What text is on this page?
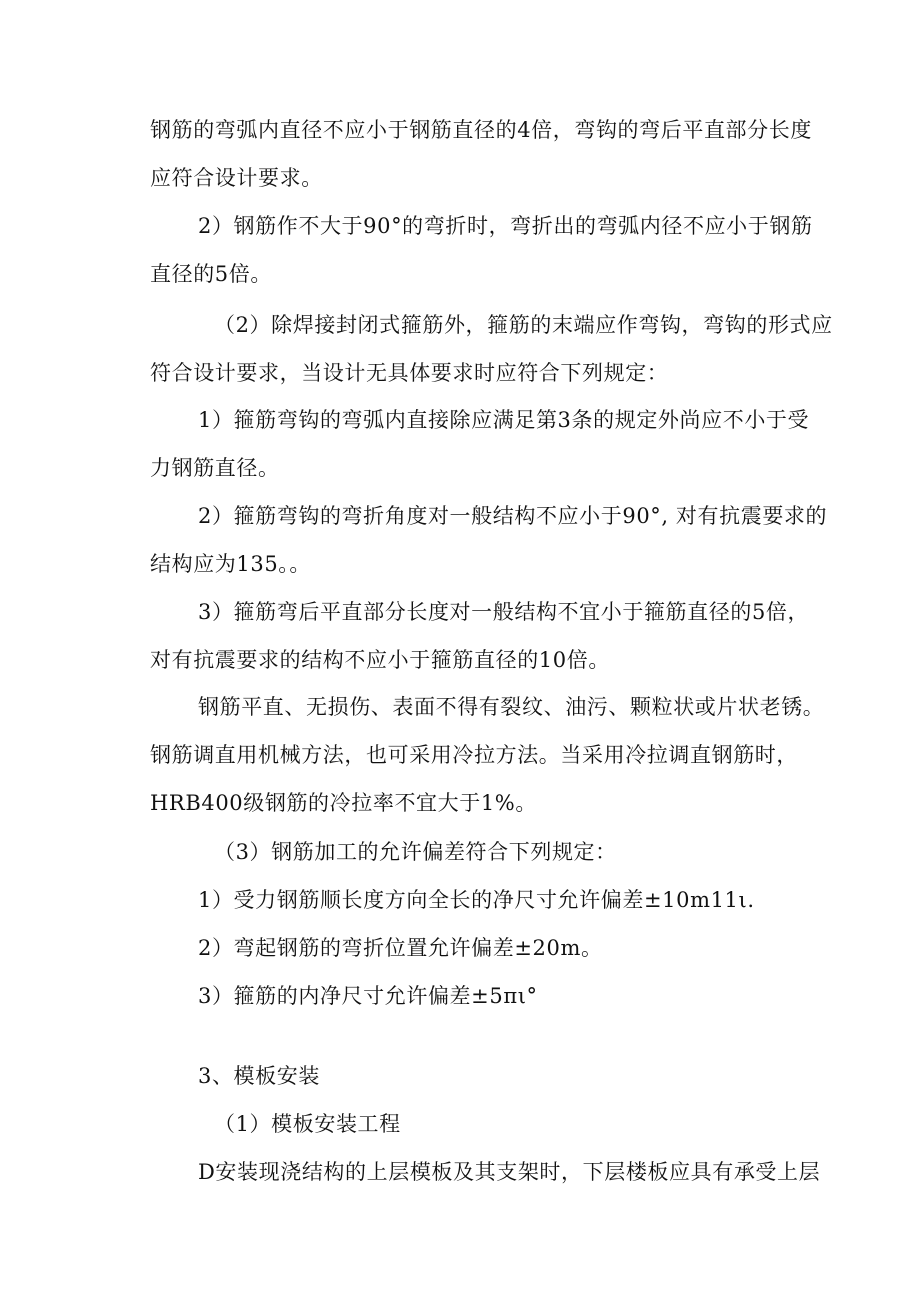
钢筋的弯弧内直径不应小于钢筋直径的4倍，弯钩的弯后平直部分长度
应符合设计要求。
2）钢筋作不大于90°的弯折时，弯折出的弯弧内径不应小于钢筋
直径的5倍。
（2）除焊接封闭式箍筋外，箍筋的末端应作弯钩，弯钩的形式应
符合设计要求，当设计无具体要求时应符合下列规定：
1）箍筋弯钩的弯弧内直接除应满足第3条的规定外尚应不小于受
力钢筋直径。
2）箍筋弯钩的弯折角度对一般结构不应小于90°, 对有抗震要求的
结构应为135。。
3）箍筋弯后平直部分长度对一般结构不宜小于箍筋直径的5倍，
对有抗震要求的结构不应小于箍筋直径的10倍。
钢筋平直、无损伤、表面不得有裂纹、油污、颗粒状或片状老锈。
钢筋调直用机械方法，也可采用冷拉方法。当采用冷拉调直钢筋时，
HRB400级钢筋的冷拉率不宜大于1%。
（3）钢筋加工的允许偏差符合下列规定：
1）受力钢筋顺长度方向全长的净尺寸允许偏差±10m11ι.
2）弯起钢筋的弯折位置允许偏差±20m。
3）箍筋的内净尺寸允许偏差±5πι°
3、模板安装
（1）模板安装工程
D安装现浇结构的上层模板及其支架时，下层楼板应具有承受上层
